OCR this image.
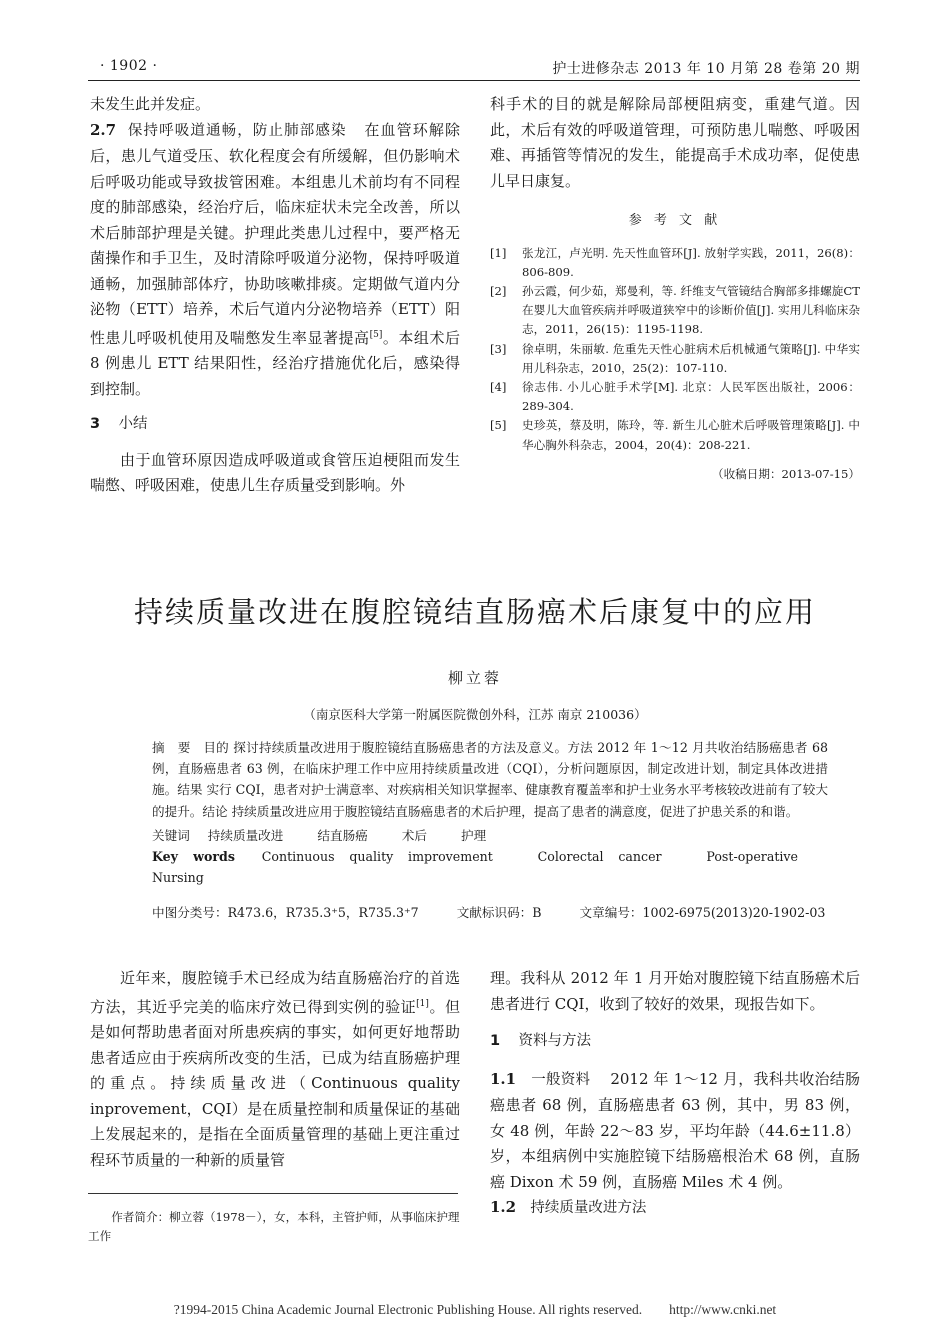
· 1902 ·	护士进修杂志 2013 年 10 月第 28 卷第 20 期

未发生此并发症。

2.7 保持呼吸道通畅，防止肺部感染 在血管环解除后，患儿气道受压、软化程度会有所缓解，但仍影响术后呼吸功能或导致拔管困难。本组患儿术前均有不同程度的肺部感染，经治疗后，临床症状未完全改善，所以术后肺部护理是关键。护理此类患儿过程中，要严格无菌操作和手卫生，及时清除呼吸道分泌物，保持呼吸道通畅，加强肺部体疗，协助咳嗽排痰。定期做气道内分泌物（ETT）培养，术后气道内分泌物培养（ETT）阳性患儿呼吸机使用及喘憋发生率显著提高[5]。本组术后 8 例患儿 ETT 结果阳性，经治疗措施优化后，感染得到控制。

3 小结

由于血管环原因造成呼吸道或食管压迫梗阻而发生喘憋、呼吸困难，使患儿生存质量受到影响。外

科手术的目的就是解除局部梗阻病变，重建气道。因此，术后有效的呼吸道管理，可预防患儿喘憋、呼吸困难、再插管等情况的发生，能提高手术成功率，促使患儿早日康复。

参 考 文 献

[1]	张龙江，卢光明. 先天性血管环[J]. 放射学实践，2011，26(8)：806-809.
[2]	孙云霞，何少茹，郑曼利，等. 纤维支气管镜结合胸部多排螺旋CT在婴儿大血管疾病并呼吸道狭窄中的诊断价值[J]. 实用儿科临床杂志，2011，26(15)：1195-1198.
[3]	徐卓明，朱丽敏. 危重先天性心脏病术后机械通气策略[J]. 中华实用儿科杂志，2010，25(2)：107-110.
[4]	徐志伟. 小儿心脏手术学[M]. 北京：人民军医出版社，2006：289-304.
[5]	史珍英，蔡及明，陈玲，等. 新生儿心脏术后呼吸管理策略[J]. 中华心胸外科杂志，2004，20(4)：208-221.

（收稿日期：2013-07-15）

持续质量改进在腹腔镜结直肠癌术后康复中的应用
柳立蓉
（南京医科大学第一附属医院微创外科，江苏 南京 210036）

摘　要 目的 探讨持续质量改进用于腹腔镜结直肠癌患者的方法及意义。方法 2012 年 1～12 月共收治结肠癌患者 68 例，直肠癌患者 63 例，在临床护理工作中应用持续质量改进（CQI），分析问题原因，制定改进计划，制定具体改进措施。结果 实行 CQI，患者对护士满意率、对疾病相关知识掌握率、健康教育覆盖率和护士业务水平考核较改进前有了较大的提升。结论 持续质量改进应用于腹腔镜结直肠癌患者的术后护理，提高了患者的满意度，促进了护患关系的和谐。

关键词 持续质量改进	结直肠癌	术后	护理

Key words Continuous quality improvement	Colorectal cancer	Post-operative Nursing

中图分类号：R473.6，R735.3⁺5，R735.3⁺7	文献标识码：B	文章编号：1002-6975(2013)20-1902-03

近年来，腹腔镜手术已经成为结直肠癌治疗的首选方法，其近乎完美的临床疗效已得到实例的验证[1]。但是如何帮助患者面对所患疾病的事实，如何更好地帮助患者适应由于疾病所改变的生活，已成为结直肠癌护理的重点。持续质量改进（Continuous quality inprovement，CQI）是在质量控制和质量保证的基础上发展起来的，是指在全面质量管理的基础上更注重过程环节质量的一种新的质量管

理。我科从 2012 年 1 月开始对腹腔镜下结直肠癌术后患者进行 CQI，收到了较好的效果，现报告如下。

1 资料与方法

1.1 一般资料 2012 年 1～12 月，我科共收治结肠癌患者 68 例，直肠癌患者 63 例，其中，男 83 例，女 48 例，年龄 22～83 岁，平均年龄（44.6±11.8）岁，本组病例中实施腔镜下结肠癌根治术 68 例，直肠癌 Dixon 术 59 例，直肠癌 Miles 术 4 例。

1.2 持续质量改进方法

作者简介：柳立蓉（1978－），女，本科，主管护师，从事临床护理工作
?1994-2015 China Academic Journal Electronic Publishing House. All rights reserved.　　http://www.cnki.net
